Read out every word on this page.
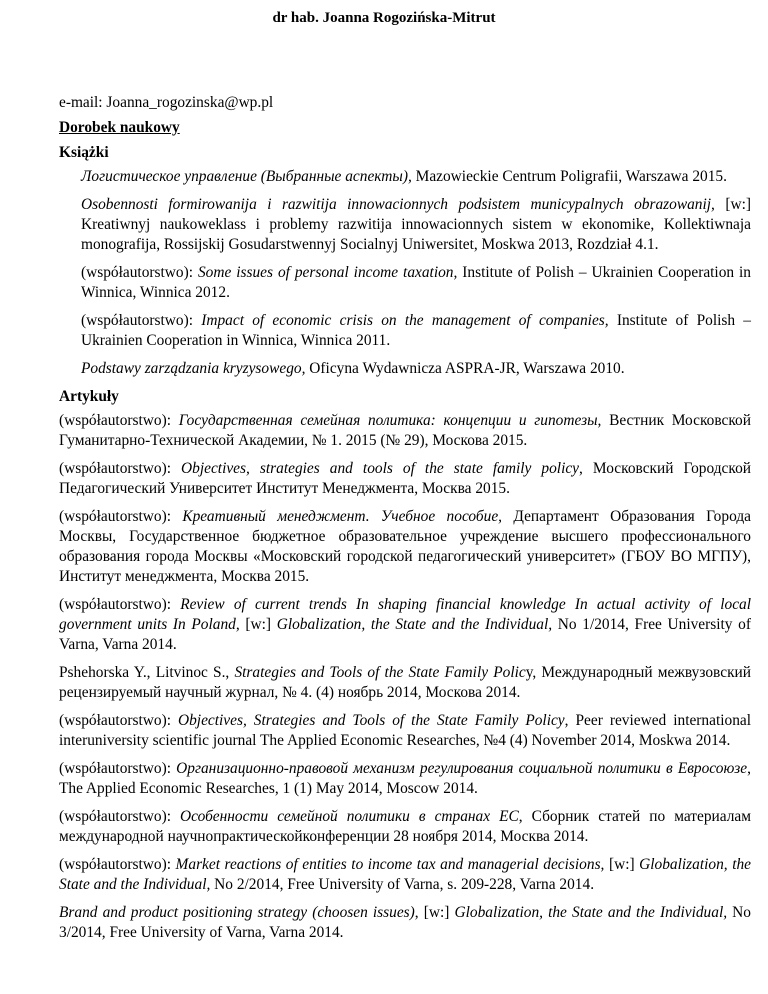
dr hab. Joanna Rogozińska-Mitrut

e-mail: Joanna_rogozinska@wp.pl

Dorobek naukowy

Książki

Логистическое управление (Выбранные аспекты), Mazowieckie Centrum Poligrafii, Warszawa 2015.

Osobennosti formirowanija i razwitija innowacionnych podsistem municypalnych obrazowanij, [w:] Kreatiwnyj naukoweklass i problemy razwitija innowacionnych sistem w ekonomike, Kollektiwnaja monografija, Rossijskij Gosudarstwennyj Socialnyj Uniwersitet, Moskwa 2013, Rozdział 4.1.

(współautorstwo): Some issues of personal income taxation, Institute of Polish – Ukrainien Cooperation in Winnica, Winnica 2012.

(współautorstwo): Impact of economic crisis on the management of companies, Institute of Polish – Ukrainien Cooperation in Winnica, Winnica 2011.

Podstawy zarządzania kryzysowego, Oficyna Wydawnicza ASPRA-JR, Warszawa 2010.

Artykuły

(współautorstwo): Государственная семейная политика: концепции и гипотезы, Вестник Московской Гуманитарно-Технической Академии, № 1. 2015 (№ 29), Москова 2015.

(współautorstwo): Objectives, strategies and tools of the state family policy, Московский Городской Педагогический Университет Институт Менеджмента, Москва 2015.

(współautorstwo): Креативный менеджмент. Учебное пособие, Департамент Образования Города Москвы, Государственное бюджетное образовательное учреждение высшего профессионального образования города Москвы «Московский городской педагогический университет» (ГБОУ ВО МГПУ), Институт менеджмента, Москва 2015.

(współautorstwo): Review of current trends In shaping financial knowledge In actual activity of local government units In Poland, [w:] Globalization, the State and the Individual, No 1/2014, Free University of Varna, Varna 2014.

Pshehorska Y., Litvinoc S., Strategies and Tools of the State Family Policy, Международный межвузовский рецензируемый научный журнал, № 4. (4) ноябрь 2014, Москова 2014.

(współautorstwo): Objectives, Strategies and Tools of the State Family Policy, Peer reviewed international interuniversity scientific journal The Applied Economic Researches, №4 (4) November 2014, Moskwa 2014.

(współautorstwo): Организационно-правовой механизм регулирования социальной политики в Евросоюзе, The Applied Economic Researches, 1 (1) May 2014, Moscow 2014.

(współautorstwo): Особенности семейной политики в странах ЕС, Сборник статей по материалам международной научнопрактическойконференции 28 ноября 2014, Москва 2014.

(współautorstwo): Market reactions of entities to income tax and managerial decisions, [w:] Globalization, the State and the Individual, No 2/2014, Free University of Varna, s. 209-228, Varna 2014.

Brand and product positioning strategy (choosen issues), [w:] Globalization, the State and the Individual, No 3/2014, Free University of Varna, Varna 2014.
